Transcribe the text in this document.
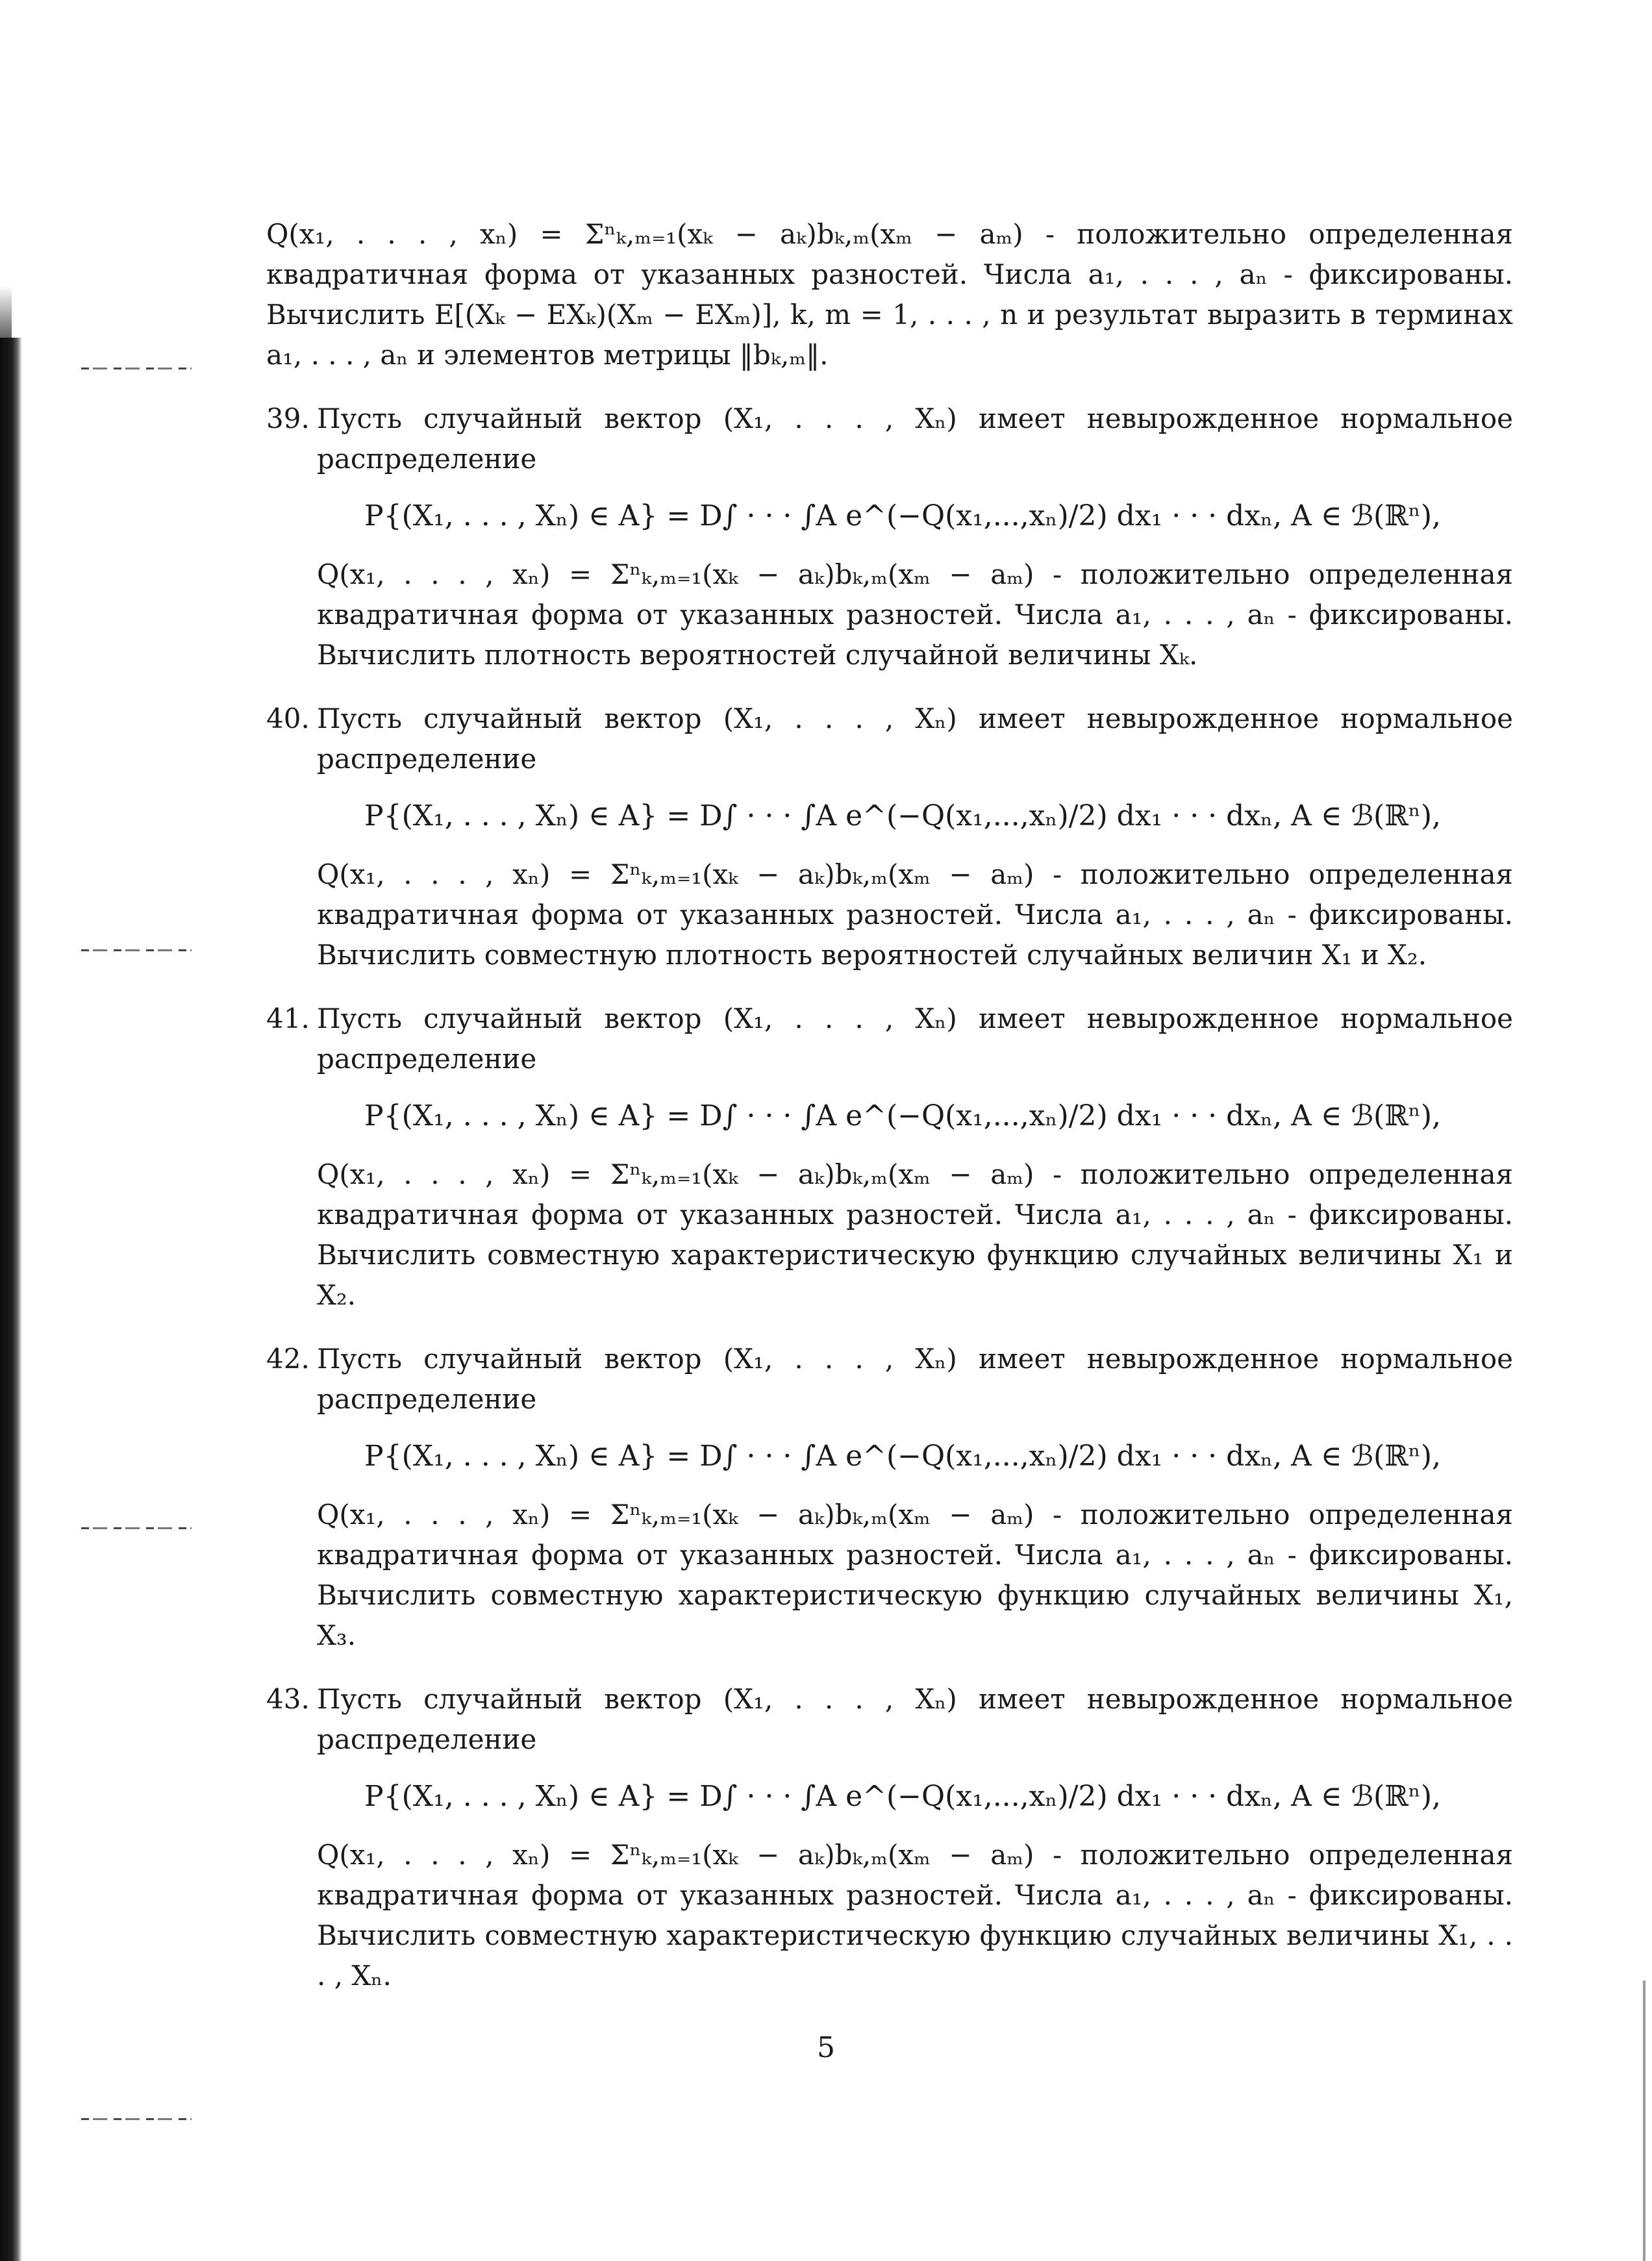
Q(x₁, . . . , xₙ) = Σⁿₖ,ₘ₌₁(xₖ − aₖ)bₖ,ₘ(xₘ − aₘ) - положительно определенная квадратичная форма от указанных разностей. Числа a₁, . . . , aₙ - фиксированы. Вычислить E[(Xₖ − EXₖ)(Xₘ − EXₘ)], k, m = 1, . . . , n и результат выразить в терминах a₁, . . . , aₙ и элементов метрицы ‖bₖ,ₘ‖.

39. Пусть случайный вектор (X₁, . . . , Xₙ) имеет невырожденное нормальное распределение

P{(X₁, . . . , Xₙ) ∈ A} = D∫ · · · ∫A e^(−Q(x₁,...,xₙ)/2) dx₁ · · · dxₙ, A ∈ ℬ(ℝⁿ),

Q(x₁, . . . , xₙ) = Σⁿₖ,ₘ₌₁(xₖ − aₖ)bₖ,ₘ(xₘ − aₘ) - положительно определенная квадратичная форма от указанных разностей. Числа a₁, . . . , aₙ - фиксированы. Вычислить плотность вероятностей случайной величины Xₖ.

40. Пусть случайный вектор (X₁, . . . , Xₙ) имеет невырожденное нормальное распределение

P{(X₁, . . . , Xₙ) ∈ A} = D∫ · · · ∫A e^(−Q(x₁,...,xₙ)/2) dx₁ · · · dxₙ, A ∈ ℬ(ℝⁿ),

Q(x₁, . . . , xₙ) = Σⁿₖ,ₘ₌₁(xₖ − aₖ)bₖ,ₘ(xₘ − aₘ) - положительно определенная квадратичная форма от указанных разностей. Числа a₁, . . . , aₙ - фиксированы. Вычислить совместную плотность вероятностей случайных величин X₁ и X₂.

41. Пусть случайный вектор (X₁, . . . , Xₙ) имеет невырожденное нормальное распределение

P{(X₁, . . . , Xₙ) ∈ A} = D∫ · · · ∫A e^(−Q(x₁,...,xₙ)/2) dx₁ · · · dxₙ, A ∈ ℬ(ℝⁿ),

Q(x₁, . . . , xₙ) = Σⁿₖ,ₘ₌₁(xₖ − aₖ)bₖ,ₘ(xₘ − aₘ) - положительно определенная квадратичная форма от указанных разностей. Числа a₁, . . . , aₙ - фиксированы. Вычислить совместную характеристическую функцию случайных величины X₁ и X₂.

42. Пусть случайный вектор (X₁, . . . , Xₙ) имеет невырожденное нормальное распределение

P{(X₁, . . . , Xₙ) ∈ A} = D∫ · · · ∫A e^(−Q(x₁,...,xₙ)/2) dx₁ · · · dxₙ, A ∈ ℬ(ℝⁿ),

Q(x₁, . . . , xₙ) = Σⁿₖ,ₘ₌₁(xₖ − aₖ)bₖ,ₘ(xₘ − aₘ) - положительно определенная квадратичная форма от указанных разностей. Числа a₁, . . . , aₙ - фиксированы. Вычислить совместную характеристическую функцию случайных величины X₁, X₃.

43. Пусть случайный вектор (X₁, . . . , Xₙ) имеет невырожденное нормальное распределение

P{(X₁, . . . , Xₙ) ∈ A} = D∫ · · · ∫A e^(−Q(x₁,...,xₙ)/2) dx₁ · · · dxₙ, A ∈ ℬ(ℝⁿ),

Q(x₁, . . . , xₙ) = Σⁿₖ,ₘ₌₁(xₖ − aₖ)bₖ,ₘ(xₘ − aₘ) - положительно определенная квадратичная форма от указанных разностей. Числа a₁, . . . , aₙ - фиксированы. Вычислить совместную характеристическую функцию случайных величины X₁, . . . , Xₙ.

5
